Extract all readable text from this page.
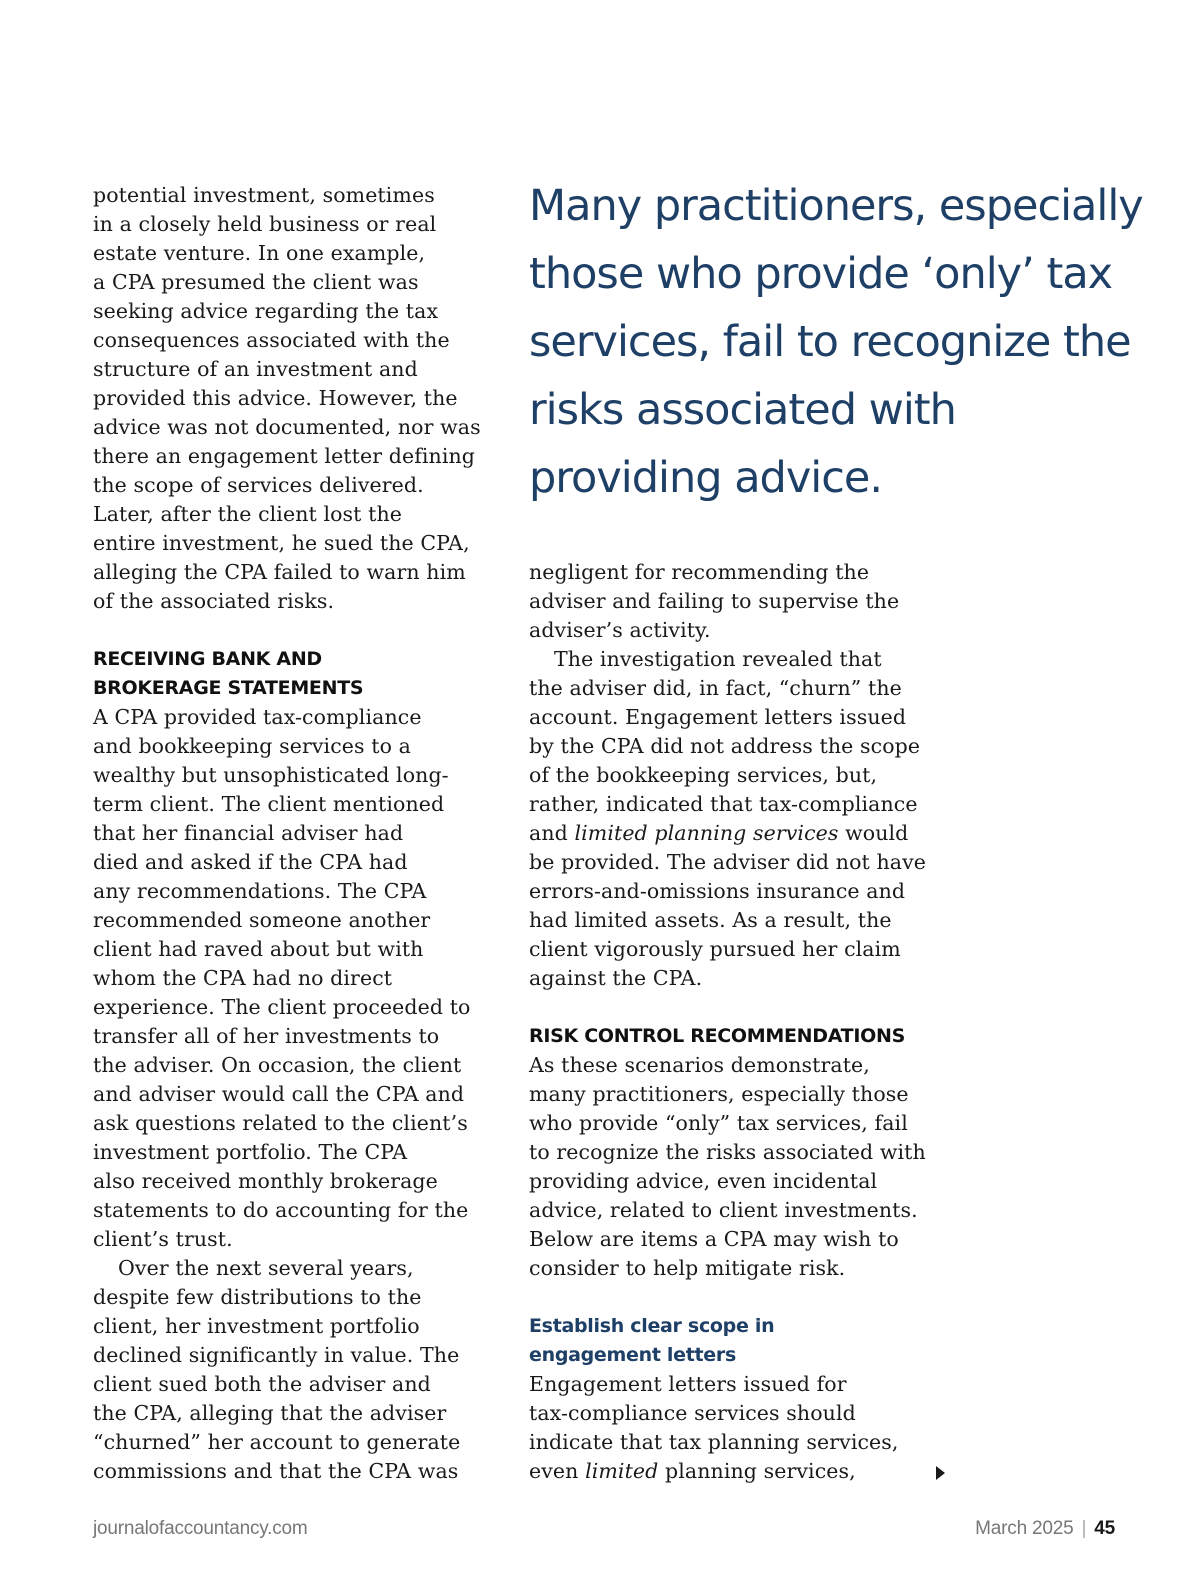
potential investment, sometimes
in a closely held business or real
estate venture. In one example,
a CPA presumed the client was
seeking advice regarding the tax
consequences associated with the
structure of an investment and
provided this advice. However, the
advice was not documented, nor was
there an engagement letter defining
the scope of services delivered.
Later, after the client lost the
entire investment, he sued the CPA,
alleging the CPA failed to warn him
of the associated risks.

RECEIVING BANK AND
BROKERAGE STATEMENTS

A CPA provided tax-compliance
and bookkeeping services to a
wealthy but unsophisticated long-
term client. The client mentioned
that her financial adviser had
died and asked if the CPA had
any recommendations. The CPA
recommended someone another
client had raved about but with
whom the CPA had no direct
experience. The client proceeded to
transfer all of her investments to
the adviser. On occasion, the client
and adviser would call the CPA and
ask questions related to the client’s
investment portfolio. The CPA
also received monthly brokerage
statements to do accounting for the
client’s trust.

Over the next several years,
despite few distributions to the
client, her investment portfolio
declined significantly in value. The
client sued both the adviser and
the CPA, alleging that the adviser
“churned” her account to generate
commissions and that the CPA was

Many practitioners, especially
those who provide ‘only’ tax
services, fail to recognize the
risks associated with
providing advice.

negligent for recommending the
adviser and failing to supervise the
adviser’s activity.

The investigation revealed that
the adviser did, in fact, “churn” the
account. Engagement letters issued
by the CPA did not address the scope
of the bookkeeping services, but,
rather, indicated that tax-compliance
and limited planning services would
be provided. The adviser did not have
errors-and-omissions insurance and
had limited assets. As a result, the
client vigorously pursued her claim
against the CPA.

RISK CONTROL RECOMMENDATIONS

As these scenarios demonstrate,
many practitioners, especially those
who provide “only” tax services, fail
to recognize the risks associated with
providing advice, even incidental
advice, related to client investments.
Below are items a CPA may wish to
consider to help mitigate risk.

Establish clear scope in
engagement letters

Engagement letters issued for
tax-compliance services should
indicate that tax planning services,
even limited planning services,

journalofaccountancy.com	March 2025 | 45
